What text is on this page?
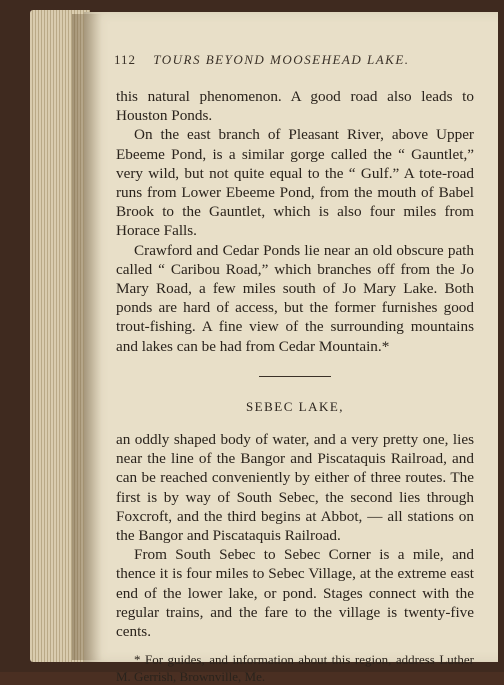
112 TOURS BEYOND MOOSEHEAD LAKE.

this natural phenomenon. A good road also leads to Houston Ponds.

On the east branch of Pleasant River, above Upper Ebeeme Pond, is a similar gorge called the “ Gauntlet,” very wild, but not quite equal to the “ Gulf.” A tote-road runs from Lower Ebeeme Pond, from the mouth of Babel Brook to the Gauntlet, which is also four miles from Horace Falls.

Crawford and Cedar Ponds lie near an old obscure path called “ Caribou Road,” which branches off from the Jo Mary Road, a few miles south of Jo Mary Lake. Both ponds are hard of access, but the former furnishes good trout-fishing. A fine view of the surrounding mountains and lakes can be had from Cedar Mountain.*

SEBEC LAKE,

an oddly shaped body of water, and a very pretty one, lies near the line of the Bangor and Piscataquis Railroad, and can be reached conveniently by either of three routes. The first is by way of South Sebec, the second lies through Foxcroft, and the third begins at Abbot, — all stations on the Bangor and Piscataquis Railroad.

From South Sebec to Sebec Corner is a mile, and thence it is four miles to Sebec Village, at the extreme east end of the lower lake, or pond. Stages connect with the regular trains, and the fare to the village is twenty-five cents.

* For guides, and information about this region, address Luther M. Gerrish, Brownville, Me.
